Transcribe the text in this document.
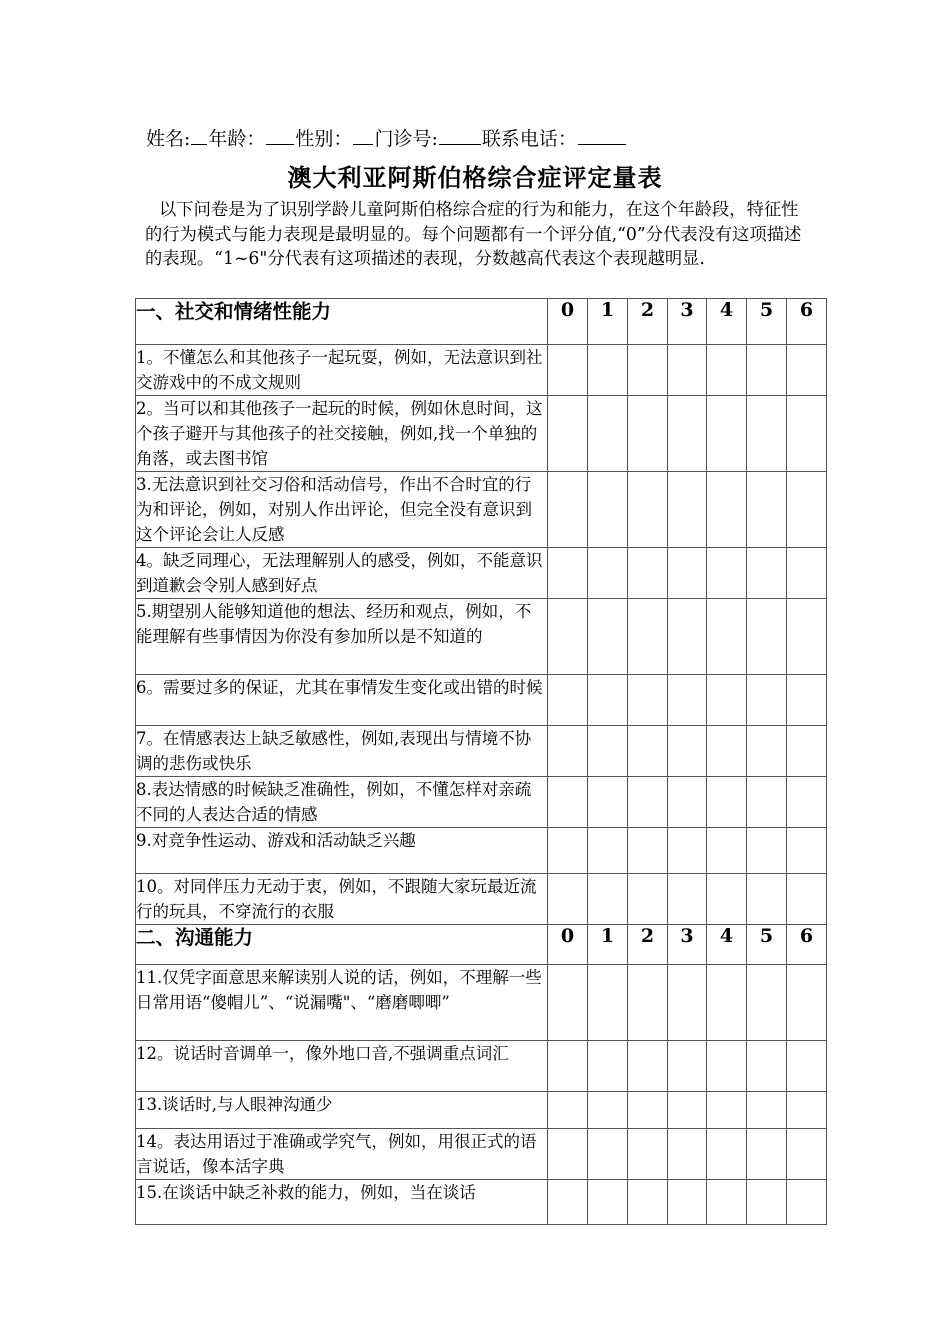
姓名: 年龄： 性别： 门诊号: 联系电话：
澳大利亚阿斯伯格综合症评定量表
以下问卷是为了识别学龄儿童阿斯伯格综合症的行为和能力，在这个年龄段，特征性的行为模式与能力表现是最明显的。每个问题都有一个评分值,“0”分代表没有这项描述的表现。“1~6"分代表有这项描述的表现，分数越高代表这个表现越明显.
一、社交和情绪性能力	0	1	2	3	4	5	6
1。不懂怎么和其他孩子一起玩耍，例如，无法意识到社交游戏中的不成文规则							
2。当可以和其他孩子一起玩的时候，例如休息时间，这个孩子避开与其他孩子的社交接触，例如,找一个单独的角落，或去图书馆							
3.无法意识到社交习俗和活动信号，作出不合时宜的行为和评论，例如，对别人作出评论，但完全没有意识到这个评论会让人反感							
4。缺乏同理心，无法理解别人的感受，例如，不能意识到道歉会令别人感到好点							
5.期望别人能够知道他的想法、经历和观点，例如，不能理解有些事情因为你没有参加所以是不知道的							
6。需要过多的保证，尤其在事情发生变化或出错的时候							
7。在情感表达上缺乏敏感性，例如,表现出与情境不协调的悲伤或快乐							
8.表达情感的时候缺乏准确性，例如，不懂怎样对亲疏不同的人表达合适的情感							
9.对竞争性运动、游戏和活动缺乏兴趣							
10。对同伴压力无动于衷，例如，不跟随大家玩最近流行的玩具，不穿流行的衣服							
二、沟通能力	0	1	2	3	4	5	6
11.仅凭字面意思来解读别人说的话，例如，不理解一些日常用语“傻帽儿”、“说漏嘴"、“磨磨唧唧”							
12。说话时音调单一，像外地口音,不强调重点词汇							
13.谈话时,与人眼神沟通少							
14。表达用语过于准确或学究气，例如，用很正式的语言说话，像本活字典							
15.在谈话中缺乏补救的能力，例如，当在谈话							
